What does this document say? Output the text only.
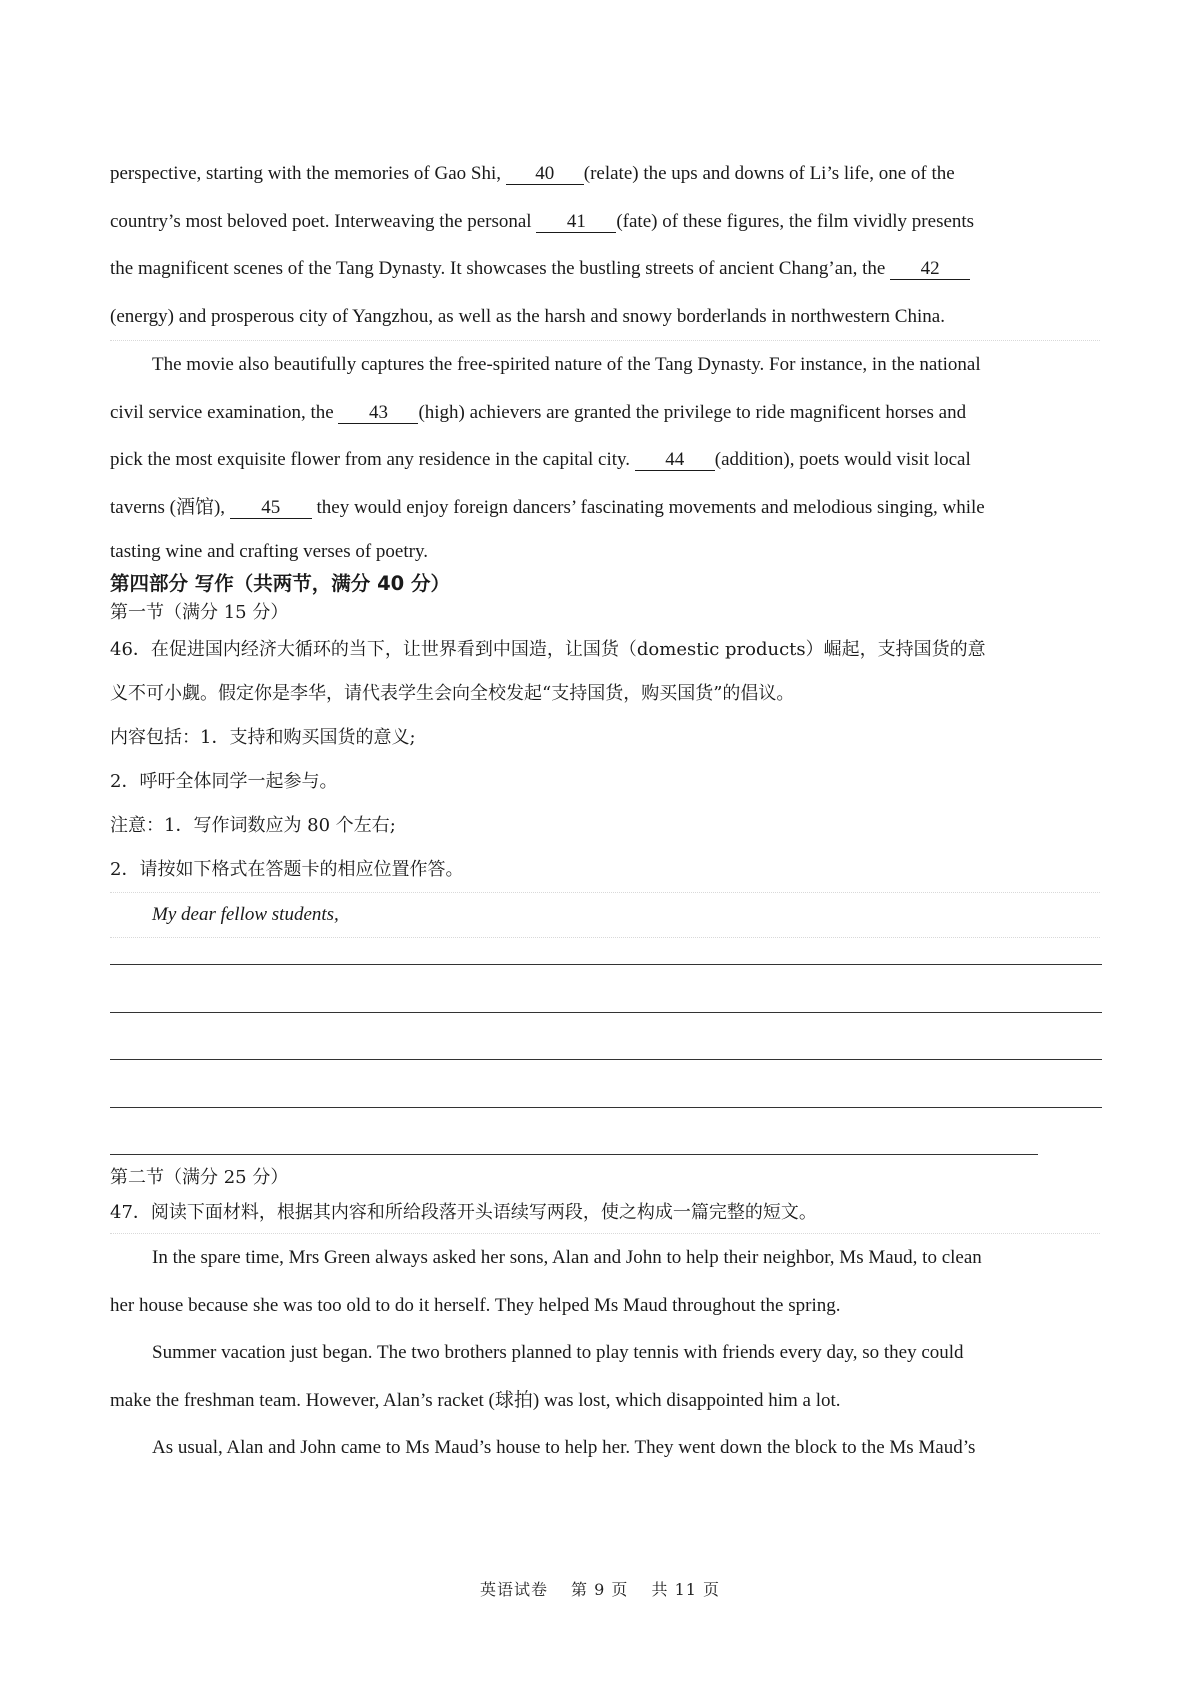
perspective, starting with the memories of Gao Shi, 40 (relate) the ups and downs of Li’s life, one of the
country’s most beloved poet. Interweaving the personal 41 (fate) of these figures, the film vividly presents
the magnificent scenes of the Tang Dynasty. It showcases the bustling streets of ancient Chang’an, the 42
(energy) and prosperous city of Yangzhou, as well as the harsh and snowy borderlands in northwestern China.
The movie also beautifully captures the free-spirited nature of the Tang Dynasty. For instance, in the national
civil service examination, the 43 (high) achievers are granted the privilege to ride magnificent horses and
pick the most exquisite flower from any residence in the capital city. 44 (addition), poets would visit local
taverns (酒馆), 45 they would enjoy foreign dancers’ fascinating movements and melodious singing, while
tasting wine and crafting verses of poetry.
第四部分 写作（共两节，满分 40 分）
第一节（满分 15 分）
46．在促进国内经济大循环的当下，让世界看到中国造，让国货（domestic products）崛起，支持国货的意
义不可小觑。假定你是李华，请代表学生会向全校发起“支持国货，购买国货”的倡议。
内容包括：1．支持和购买国货的意义;
2．呼吁全体同学一起参与。
注意：1．写作词数应为 80 个左右;
2．请按如下格式在答题卡的相应位置作答。
My dear fellow students,
第二节（满分 25 分）
47．阅读下面材料，根据其内容和所给段落开头语续写两段，使之构成一篇完整的短文。
In the spare time, Mrs Green always asked her sons, Alan and John to help their neighbor, Ms Maud, to clean
her house because she was too old to do it herself. They helped Ms Maud throughout the spring.
Summer vacation just began. The two brothers planned to play tennis with friends every day, so they could
make the freshman team. However, Alan’s racket (球拍) was lost, which disappointed him a lot.
As usual, Alan and John came to Ms Maud’s house to help her. They went down the block to the Ms Maud’s
英语试卷　 第 9 页　 共 11 页
